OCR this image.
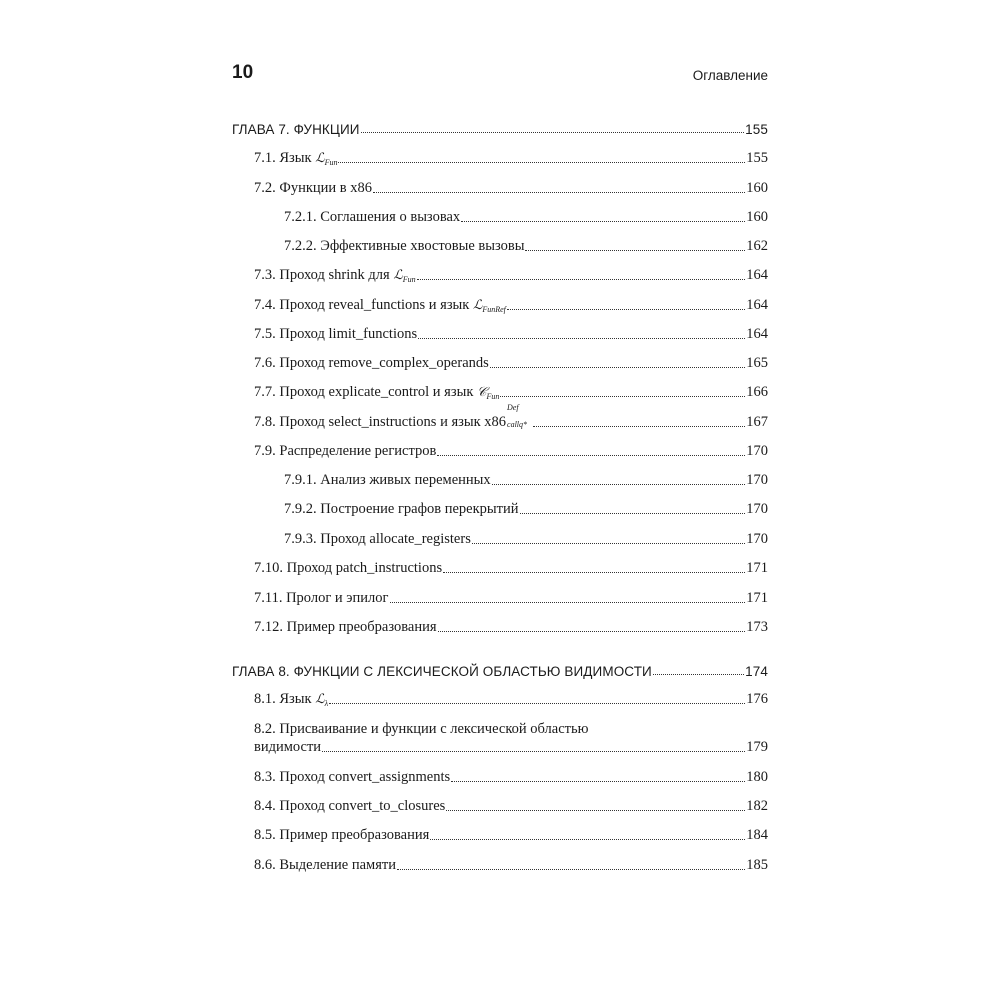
10	Оглавление
ГЛАВА 7. ФУНКЦИИ	155
7.1. Язык ℒ$_{Fun}$	155
7.2. Функции в x86	160
7.2.1. Соглашения о вызовах	160
7.2.2. Эффективные хвостовые вызовы	162
7.3. Проход shrink для ℒ$_{Fun}$	164
7.4. Проход reveal_functions и язык ℒ$_{FunRef}$	164
7.5. Проход limit_functions	164
7.6. Проход remove_complex_operands	165
7.7. Проход explicate_control и язык 𝒞$_{Fun}$	166
7.8. Проход select_instructions и язык x86
Def
callq*	167
7.9. Распределение регистров	170
7.9.1. Анализ живых переменных	170
7.9.2. Построение графов перекрытий	170
7.9.3. Проход allocate_registers	170
7.10. Проход patch_instructions	171
7.11. Пролог и эпилог	171
7.12. Пример преобразования	173
ГЛАВА 8. ФУНКЦИИ С ЛЕКСИЧЕСКОЙ ОБЛАСТЬЮ ВИДИМОСТИ	174
8.1. Язык ℒ$_\lambda$	176
8.2. Присваивание и функции с лексической областью
видимости	179
8.3. Проход convert_assignments	180
8.4. Проход convert_to_closures	182
8.5. Пример преобразования	184
8.6. Выделение памяти	185
